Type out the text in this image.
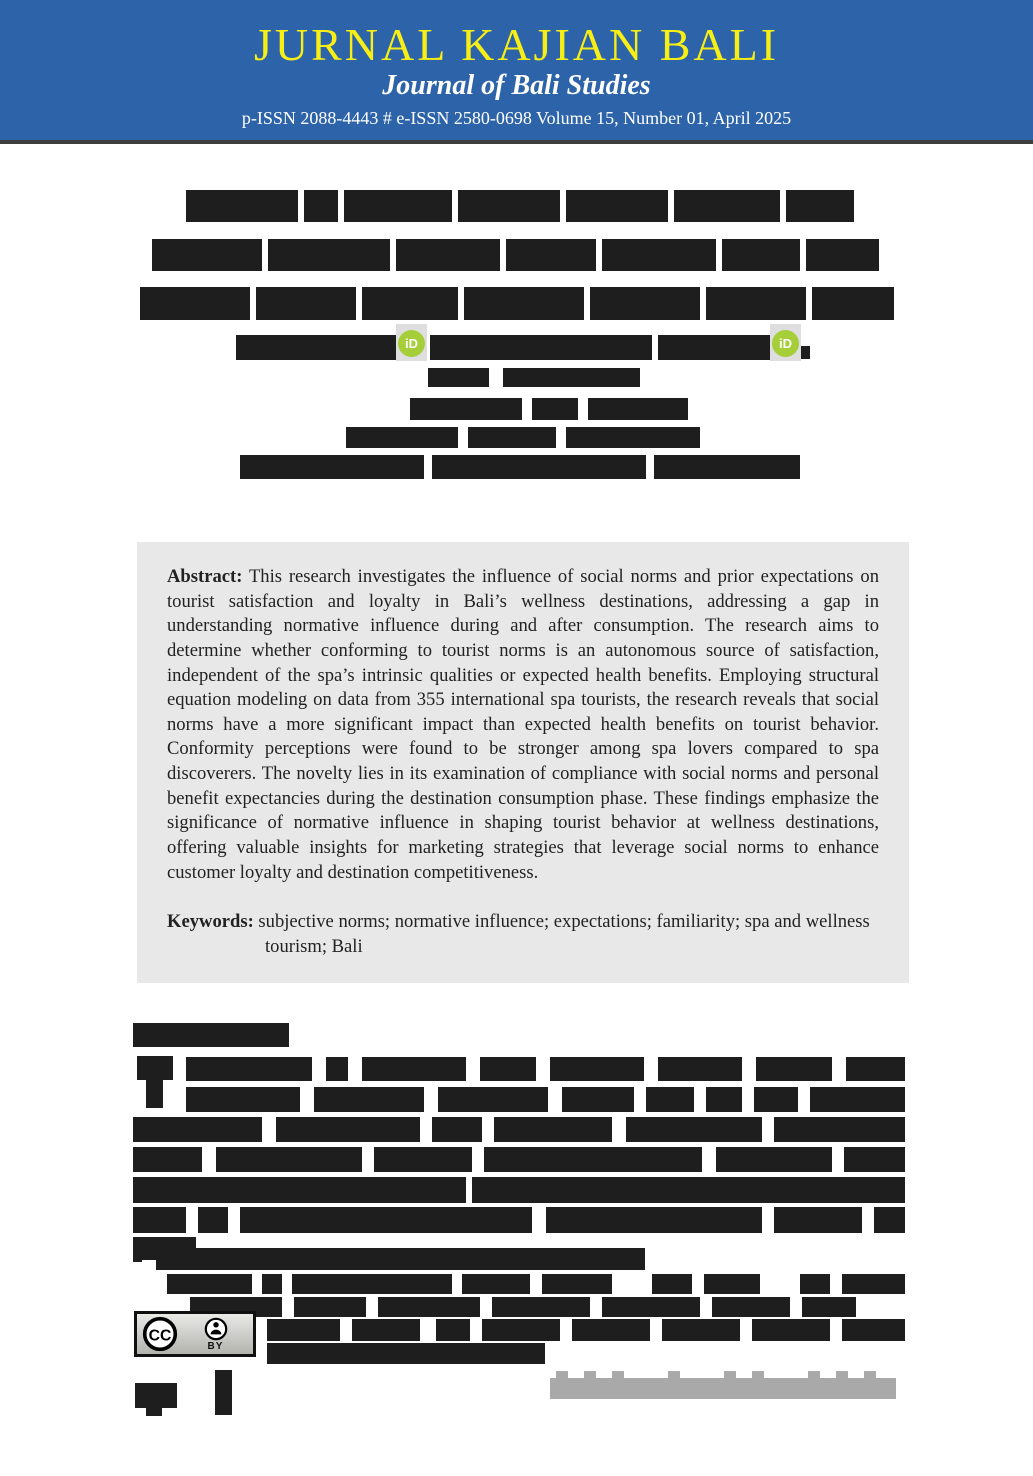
JURNAL KAJIAN BALI
Journal of Bali Studies
p-ISSN 2088-4443 # e-ISSN 2580-0698 Volume 15, Number 01, April 2025
iD	iD

Abstract: This research investigates the influence of social norms and prior expectations on tourist satisfaction and loyalty in Bali’s wellness destinations, addressing a gap in understanding normative influence during and after consumption. The research aims to determine whether conforming to tourist norms is an autonomous source of satisfaction, independent of the spa’s intrinsic qualities or expected health benefits. Employing structural equation modeling on data from 355 international spa tourists, the research reveals that social norms have a more significant impact than expected health benefits on tourist behavior. Conformity perceptions were found to be stronger among spa lovers compared to spa discoverers. The novelty lies in its examination of compliance with social norms and personal benefit expectancies during the destination consumption phase. These findings emphasize the significance of normative influence in shaping tourist behavior at wellness destinations, offering valuable insights for marketing strategies that leverage social norms to enhance customer loyalty and destination competitiveness.

Keywords: subjective norms; normative influence; expectations; familiarity; spa and wellness tourism; Bali

CC
BY
